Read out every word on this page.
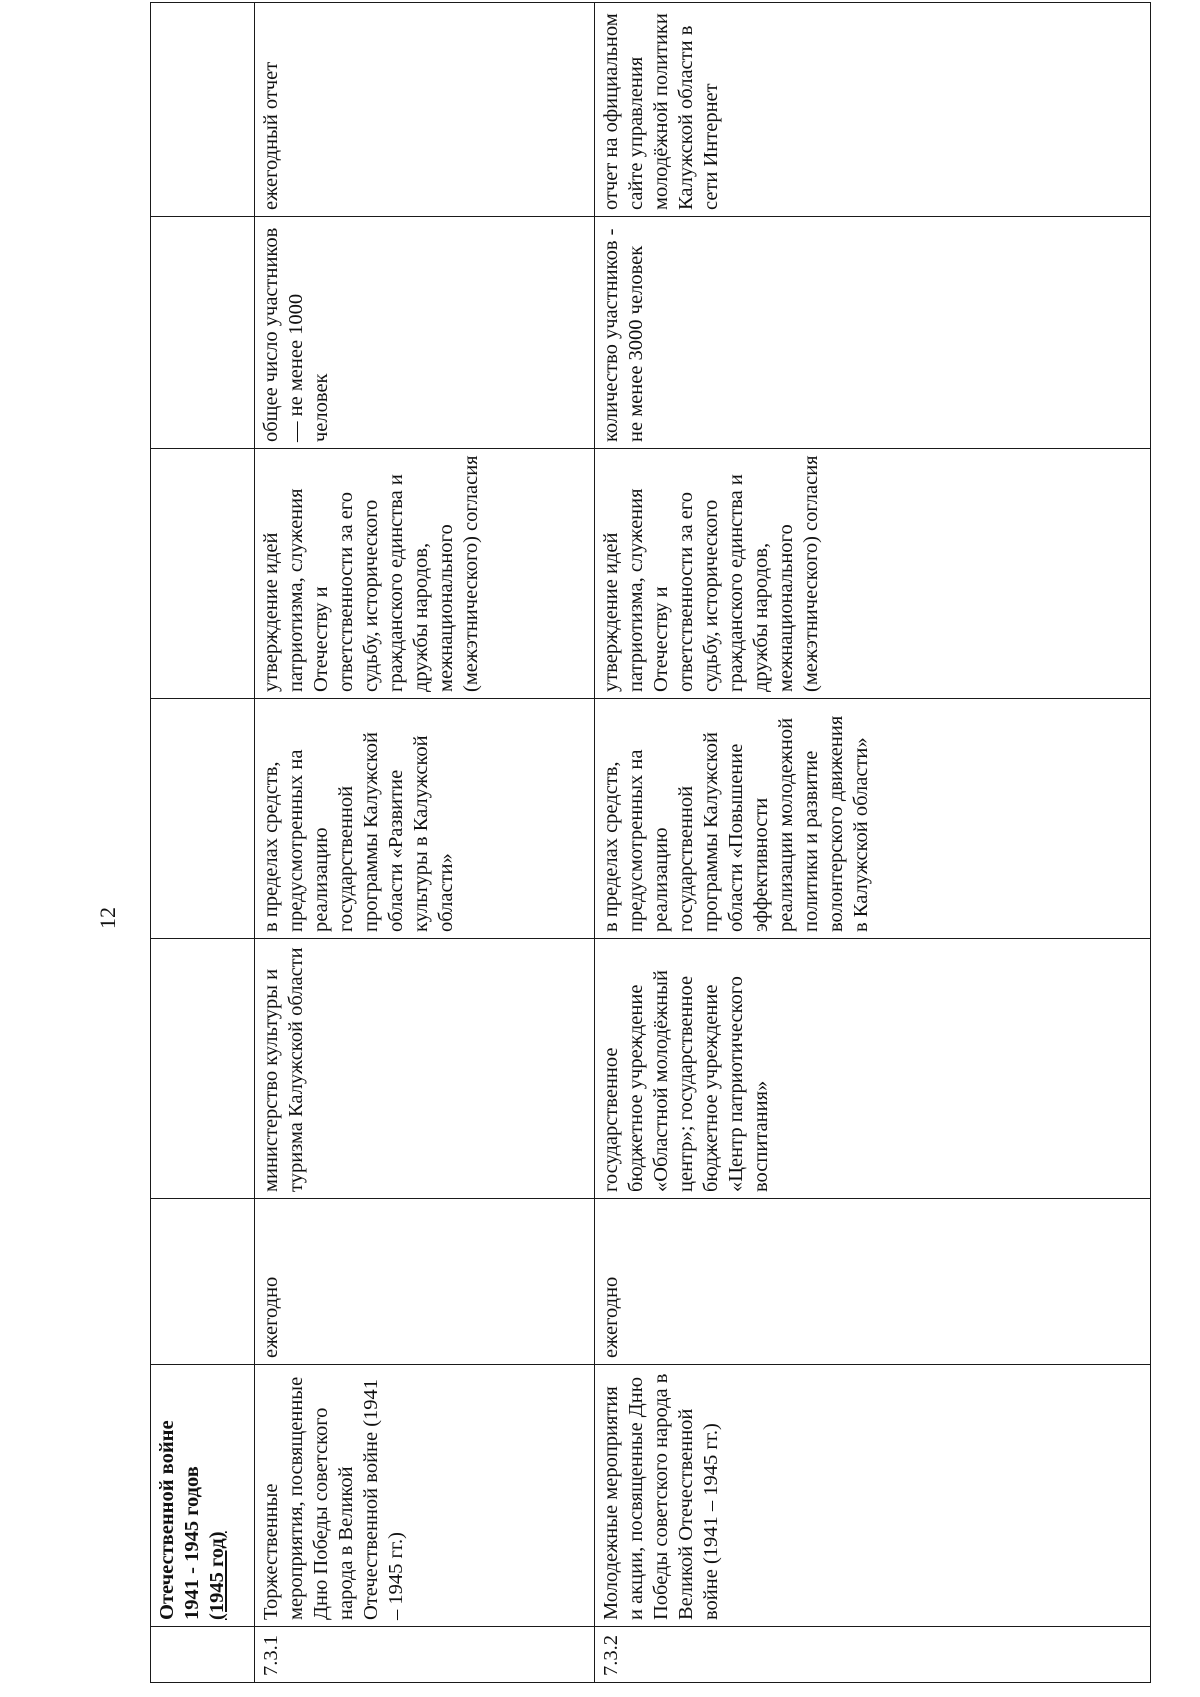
12

	Отечественной войне 1941 - 1945 годов (1945 год)						

7.3.1	Торжественные мероприятия, посвященные Дню Победы советского народа в Великой Отечественной войне (1941 – 1945 гг.)	ежегодно	министерство культуры и туризма Калужской области	в пределах средств, предусмотренных на реализацию государственной программы Калужской области «Развитие культуры в Калужской области»	утверждение идей патриотизма, служения Отечеству и ответственности за его судьбу, исторического гражданского единства и дружбы народов, межнационального (межэтнического) согласия	общее число участников — не менее 1000 человек	ежегодный отчет
7.3.2	Молодежные мероприятия и акции, посвященные Дню Победы советского народа в Великой Отечественной войне (1941 – 1945 гг.)	ежегодно	государственное бюджетное учреждение «Областной молодёжный центр»; государственное бюджетное учреждение «Центр патриотического воспитания»	в пределах средств, предусмотренных на реализацию государственной программы Калужской области «Повышение эффективности реализации молодежной политики и развитие волонтерского движения в Калужской области»	утверждение идей патриотизма, служения Отечеству и ответственности за его судьбу, исторического гражданского единства и дружбы народов, межнационального (межэтнического) согласия	количество участников - не менее 3000 человек	отчет на официальном сайте управления молодёжной политики Калужской области в сети Интернет
